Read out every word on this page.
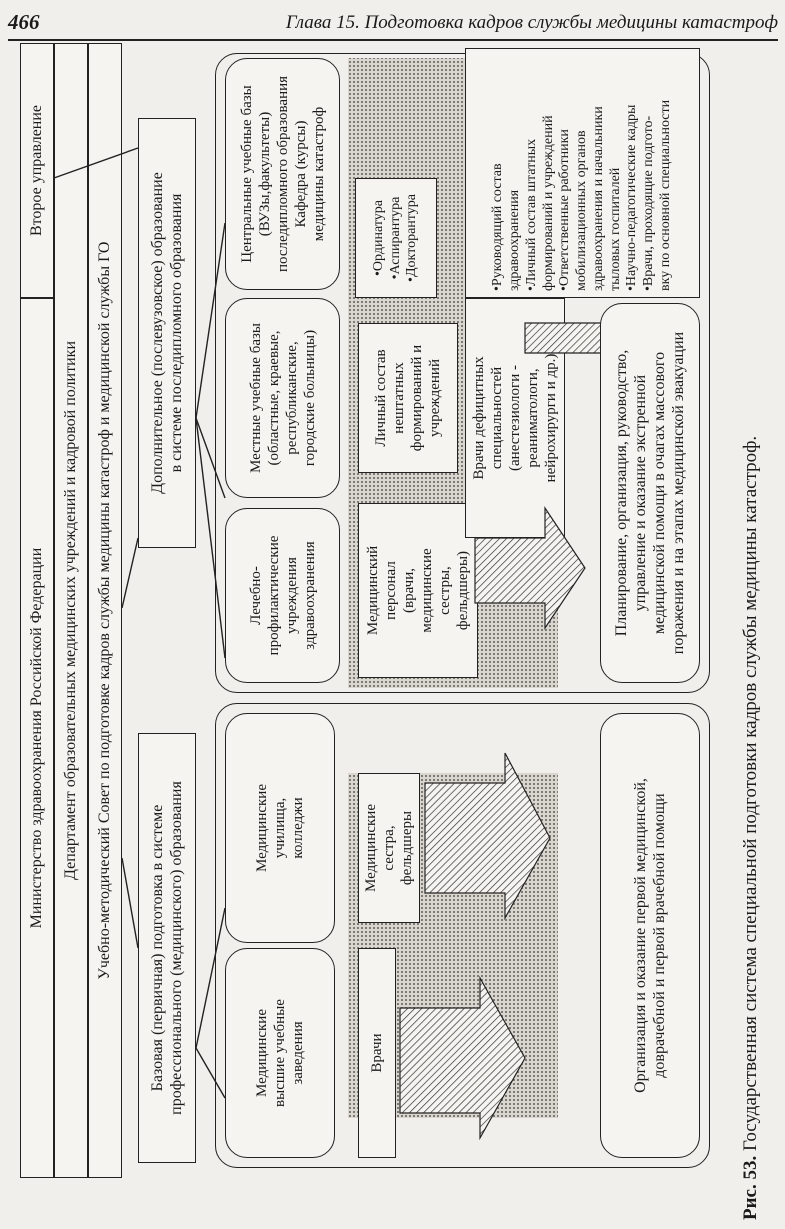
466	Глава 15. Подготовка кадров службы медицины катастроф
Министерство здравоохранения Российской Федерации Департамент образовательных медицинских учреждений и кадровой политики
Второе управление
Учебно-методический Совет по подготовке кадров службы медицины катастроф и медицинской службы ГО Базовая (первичная) подготовка в системе профессионального (медицинского) образования
Дополнительное (послевузовское) образование в системе последипломного образования
Медицинские высшие учебные заведения
Медицинские училища, колледжи
Лечебно- профилактические учреждения здравоохранения
Местные учебные базы (областные, краевые, республиканские, городские больницы)
Центральные учебные базы (ВУЗы,факультеты) последипломного образования Кафедра (курсы) медицины катастроф
Врачи
Медицинские сестра, фельдшеры
Медицинский персонал (врачи, медицинские сестры, фельдшеры)
Личный состав нештатных формирований и учреждений
•Ординатура •Аспирантура •Докторантура
Врачи дефицитных специальностей (анестезиологи - реаниматологи, нейрохирурги и др.)
•Руководящий состав здравоохранения •Личный состав штатных формирований и учреждений •Ответственные работники мобилизационных органов здравоохранения и начальники тыловых госпиталей •Научно-педагогические кадры •Врачи, проходящие подгото- вку по основной специальности
Организация и оказание первой медицинской, доврачебной и первой врачебной помощи
Планирование, организация, руководство, управление и оказание экстренной медицинской помощи в очагах массового поражения и на этапах медицинской эвакуации
Рис. 53. Государственная система специальной подготовки кадров службы медицины катастроф.
